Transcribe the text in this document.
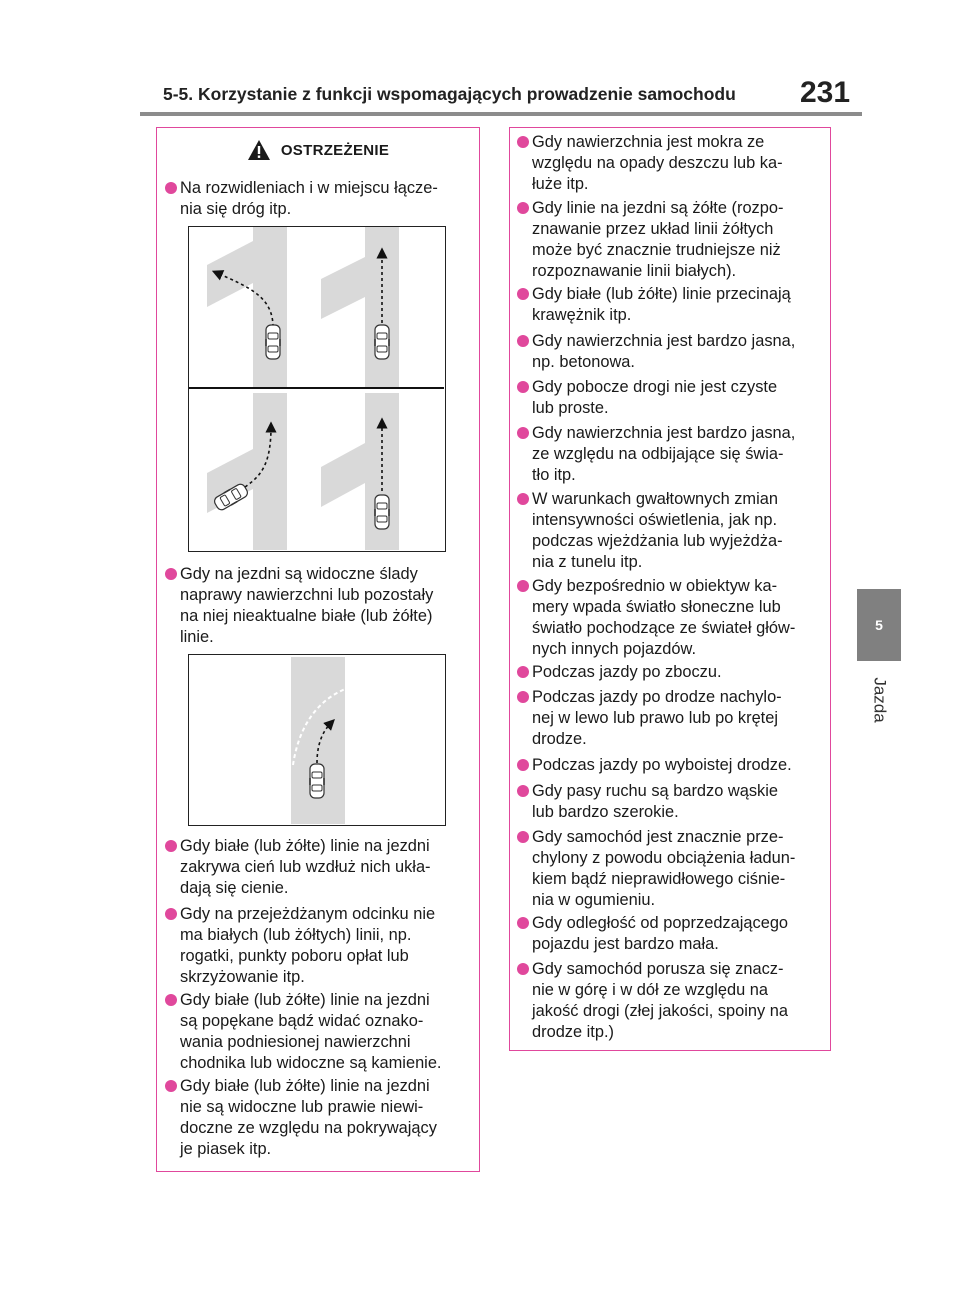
5-5. Korzystanie z funkcji wspomagających prowadzenie samochodu 231
5
Jazda
OSTRZEŻENIE
Na rozwidleniach i w miejscu łącze-
nia się dróg itp.
Gdy na jezdni są widoczne ślady
naprawy nawierzchni lub pozostały
na niej nieaktualne białe (lub żółte)
linie.
Gdy białe (lub żółte) linie na jezdni
zakrywa cień lub wzdłuż nich ukła-
dają się cienie.
Gdy na przejeżdżanym odcinku nie
ma białych (lub żółtych) linii, np.
rogatki, punkty poboru opłat lub
skrzyżowanie itp.
Gdy białe (lub żółte) linie na jezdni
są popękane bądź widać oznako-
wania podniesionej nawierzchni
chodnika lub widoczne są kamienie.
Gdy białe (lub żółte) linie na jezdni
nie są widoczne lub prawie niewi-
doczne ze względu na pokrywający
je piasek itp.
Gdy nawierzchnia jest mokra ze
względu na opady deszczu lub ka-
łuże itp.
Gdy linie na jezdni są żółte (rozpo-
znawanie przez układ linii żółtych
może być znacznie trudniejsze niż
rozpoznawanie linii białych).
Gdy białe (lub żółte) linie przecinają
krawężnik itp.
Gdy nawierzchnia jest bardzo jasna,
np. betonowa.
Gdy pobocze drogi nie jest czyste
lub proste.
Gdy nawierzchnia jest bardzo jasna,
ze względu na odbijające się świa-
tło itp.
W warunkach gwałtownych zmian
intensywności oświetlenia, jak np.
podczas wjeżdżania lub wyjeżdża-
nia z tunelu itp.
Gdy bezpośrednio w obiektyw ka-
mery wpada światło słoneczne lub
światło pochodzące ze świateł głów-
nych innych pojazdów.
Podczas jazdy po zboczu.
Podczas jazdy po drodze nachylo-
nej w lewo lub prawo lub po krętej
drodze.
Podczas jazdy po wyboistej drodze.
Gdy pasy ruchu są bardzo wąskie
lub bardzo szerokie.
Gdy samochód jest znacznie prze-
chylony z powodu obciążenia ładun-
kiem bądź nieprawidłowego ciśnie-
nia w ogumieniu.
Gdy odległość od poprzedzającego
pojazdu jest bardzo mała.
Gdy samochód porusza się znacz-
nie w górę i w dół ze względu na
jakość drogi (złej jakości, spoiny na
drodze itp.)
